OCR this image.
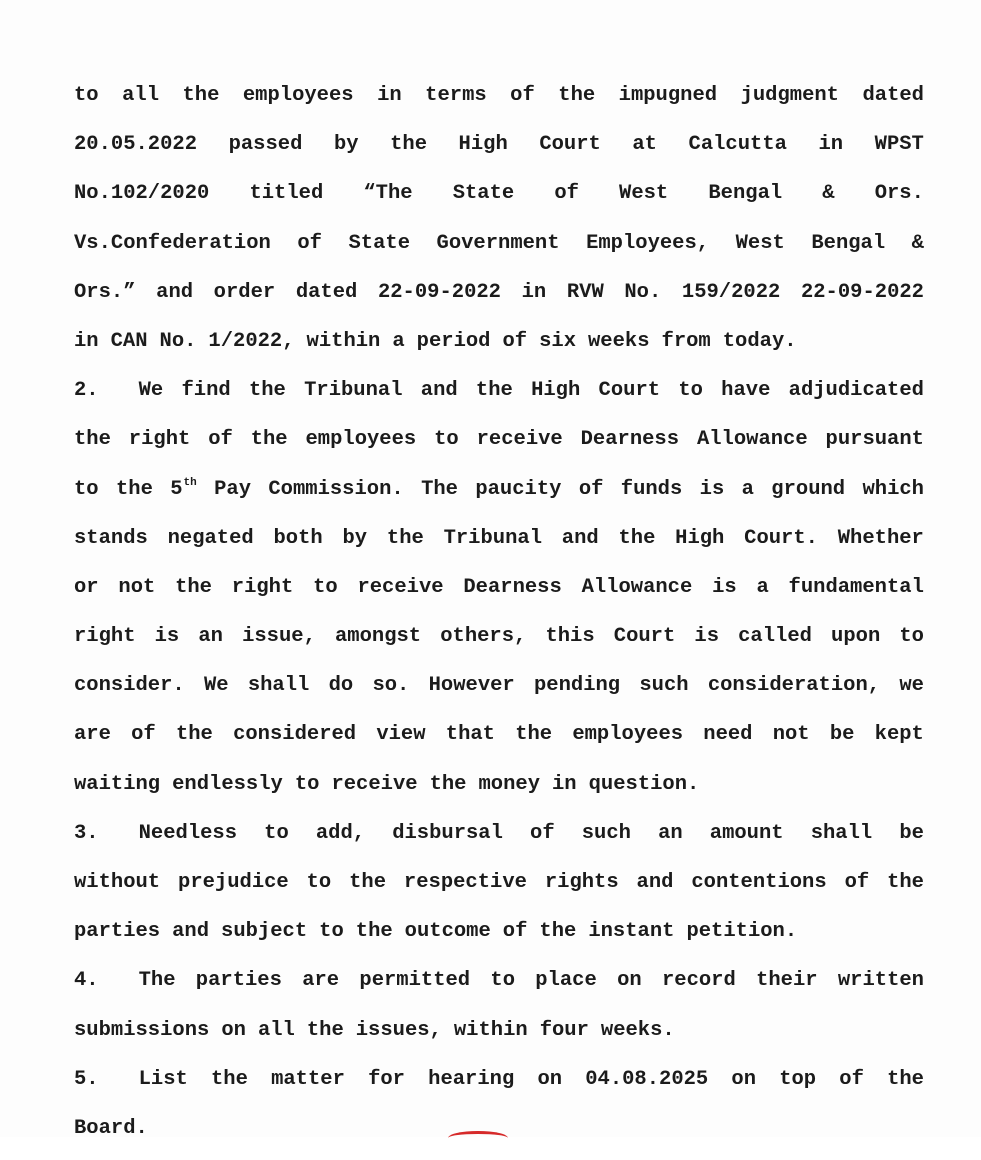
to all the employees in terms of the impugned judgment dated
20.05.2022 passed by the High Court at Calcutta in WPST
No.102/2020 titled “The State of West Bengal & Ors.
Vs.Confederation of State Government Employees, West Bengal &
Ors.” and order dated 22-09-2022 in RVW No. 159/2022 22-09-2022
in CAN No. 1/2022, within a period of six weeks from today.
2. We find the Tribunal and the High Court to have adjudicated
the right of the employees to receive Dearness Allowance pursuant
to the 5th Pay Commission. The paucity of funds is a ground which
stands negated both by the Tribunal and the High Court. Whether
or not the right to receive Dearness Allowance is a fundamental
right is an issue, amongst others, this Court is called upon to
consider. We shall do so. However pending such consideration, we
are of the considered view that the employees need not be kept
waiting endlessly to receive the money in question.
3. Needless to add, disbursal of such an amount shall be
without prejudice to the respective rights and contentions of the
parties and subject to the outcome of the instant petition.
4. The parties are permitted to place on record their written
submissions on all the issues, within four weeks.
5. List the matter for hearing on 04.08.2025 on top of the
Board.
